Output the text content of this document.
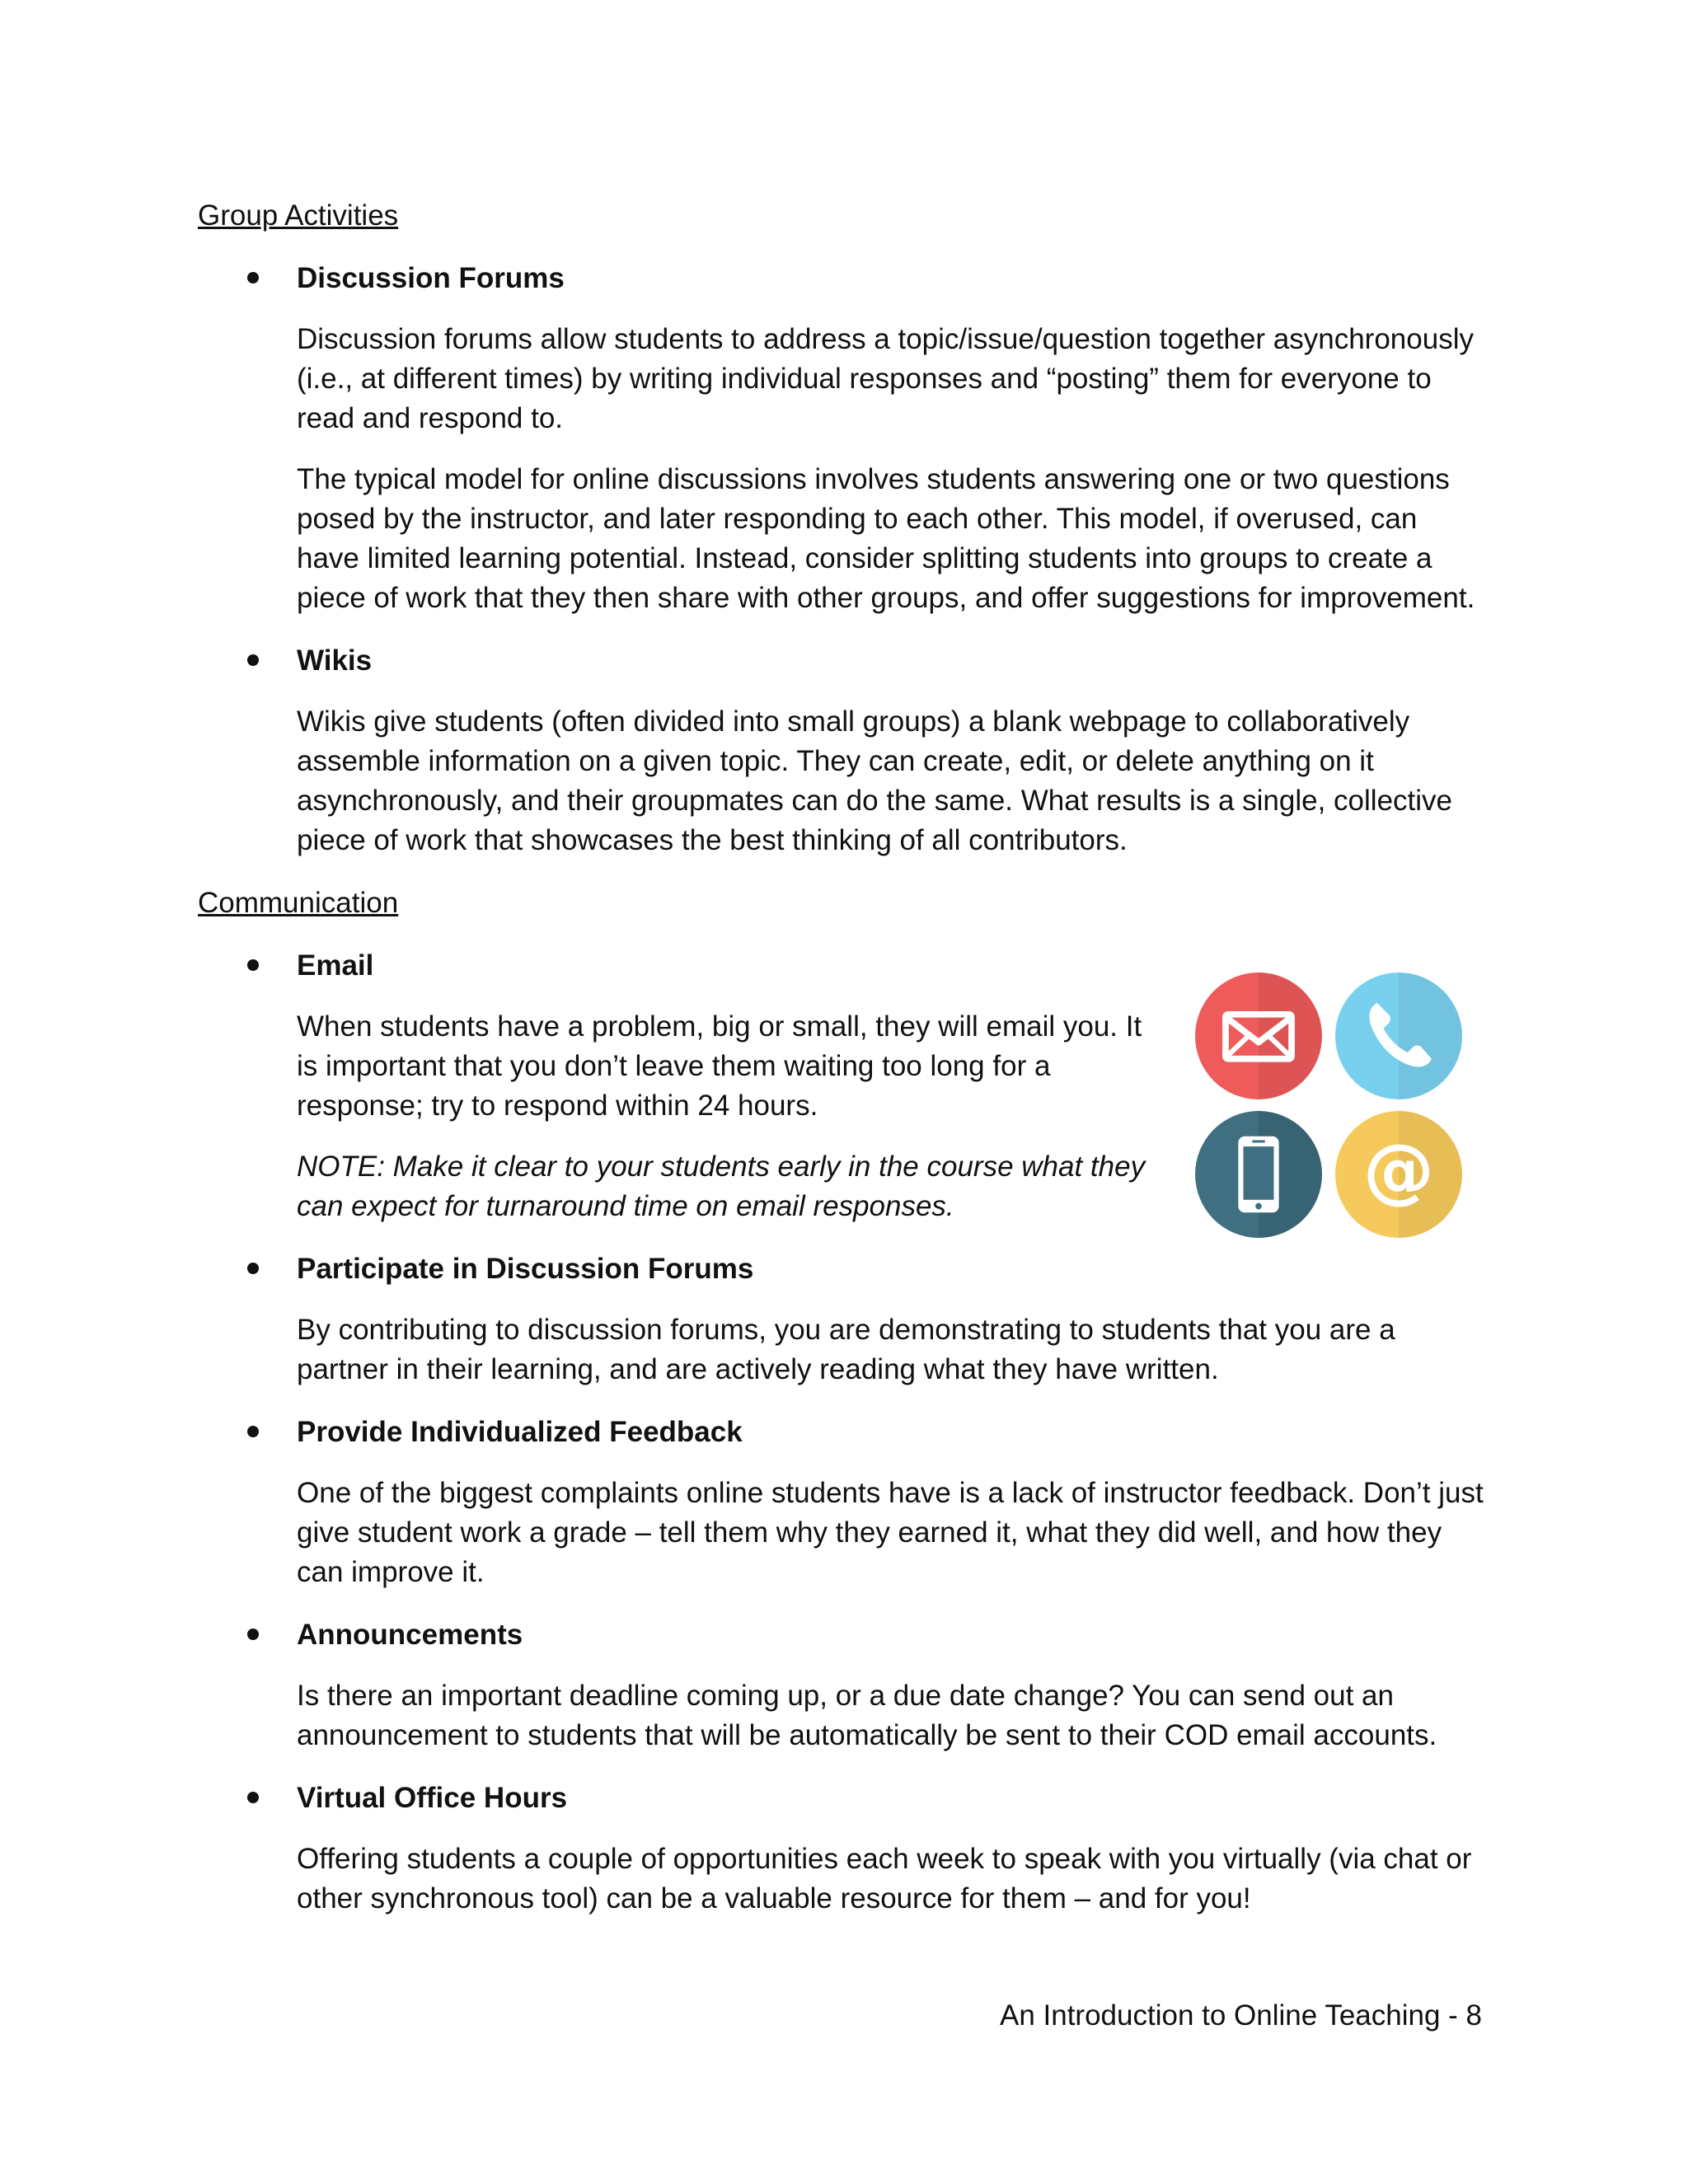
Group Activities
Discussion Forums

Discussion forums allow students to address a topic/issue/question together asynchronously (i.e., at different times) by writing individual responses and “posting” them for everyone to read and respond to.

The typical model for online discussions involves students answering one or two questions posed by the instructor, and later responding to each other. This model, if overused, can have limited learning potential. Instead, consider splitting students into groups to create a piece of work that they then share with other groups, and offer suggestions for improvement.

Wikis

Wikis give students (often divided into small groups) a blank webpage to collaboratively assemble information on a given topic. They can create, edit, or delete anything on it asynchronously, and their groupmates can do the same. What results is a single, collective piece of work that showcases the best thinking of all contributors.

Communication
Email

When students have a problem, big or small, they will email you. It is important that you don’t leave them waiting too long for a response; try to respond within 24 hours.

NOTE: Make it clear to your students early in the course what they can expect for turnaround time on email responses.

Participate in Discussion Forums

By contributing to discussion forums, you are demonstrating to students that you are a partner in their learning, and are actively reading what they have written.

Provide Individualized Feedback

One of the biggest complaints online students have is a lack of instructor feedback. Don’t just give student work a grade – tell them why they earned it, what they did well, and how they can improve it.

Announcements

Is there an important deadline coming up, or a due date change? You can send out an announcement to students that will be automatically be sent to their COD email accounts.

Virtual Office Hours

Offering students a couple of opportunities each week to speak with you virtually (via chat or other synchronous tool) can be a valuable resource for them – and for you!

@
An Introduction to Online Teaching - 8
